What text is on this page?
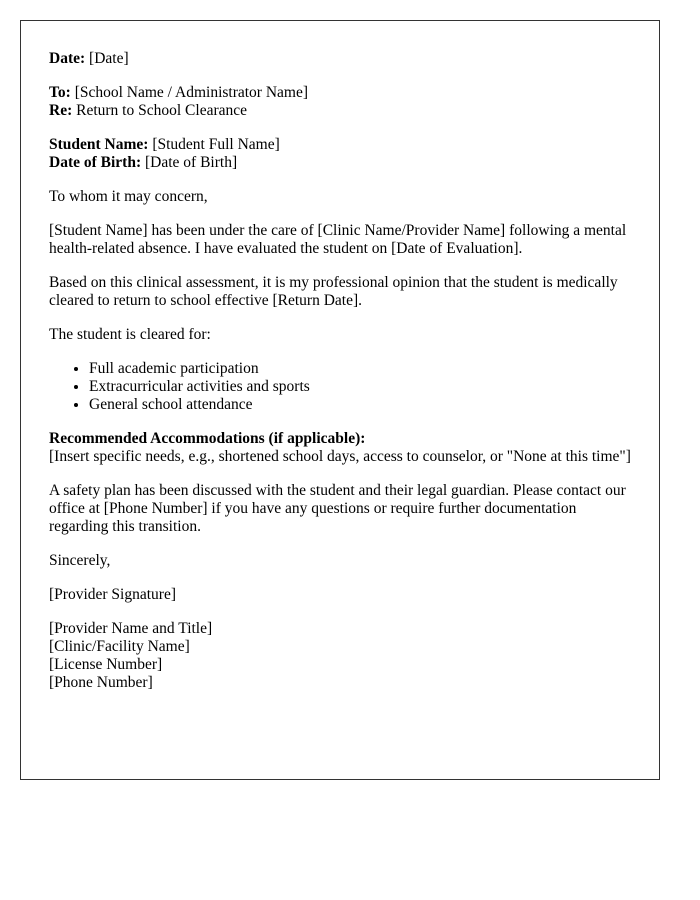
Date: [Date]

To: [School Name / Administrator Name]
Re: Return to School Clearance

Student Name: [Student Full Name]
Date of Birth: [Date of Birth]

To whom it may concern,

[Student Name] has been under the care of [Clinic Name/Provider Name] following a mental health-related absence. I have evaluated the student on [Date of Evaluation].

Based on this clinical assessment, it is my professional opinion that the student is medically cleared to return to school effective [Return Date].

The student is cleared for:

• Full academic participation
• Extracurricular activities and sports
• General school attendance

Recommended Accommodations (if applicable):
[Insert specific needs, e.g., shortened school days, access to counselor, or "None at this time"]

A safety plan has been discussed with the student and their legal guardian. Please contact our office at [Phone Number] if you have any questions or require further documentation regarding this transition.

Sincerely,

[Provider Signature]

[Provider Name and Title]
[Clinic/Facility Name]
[License Number]
[Phone Number]
